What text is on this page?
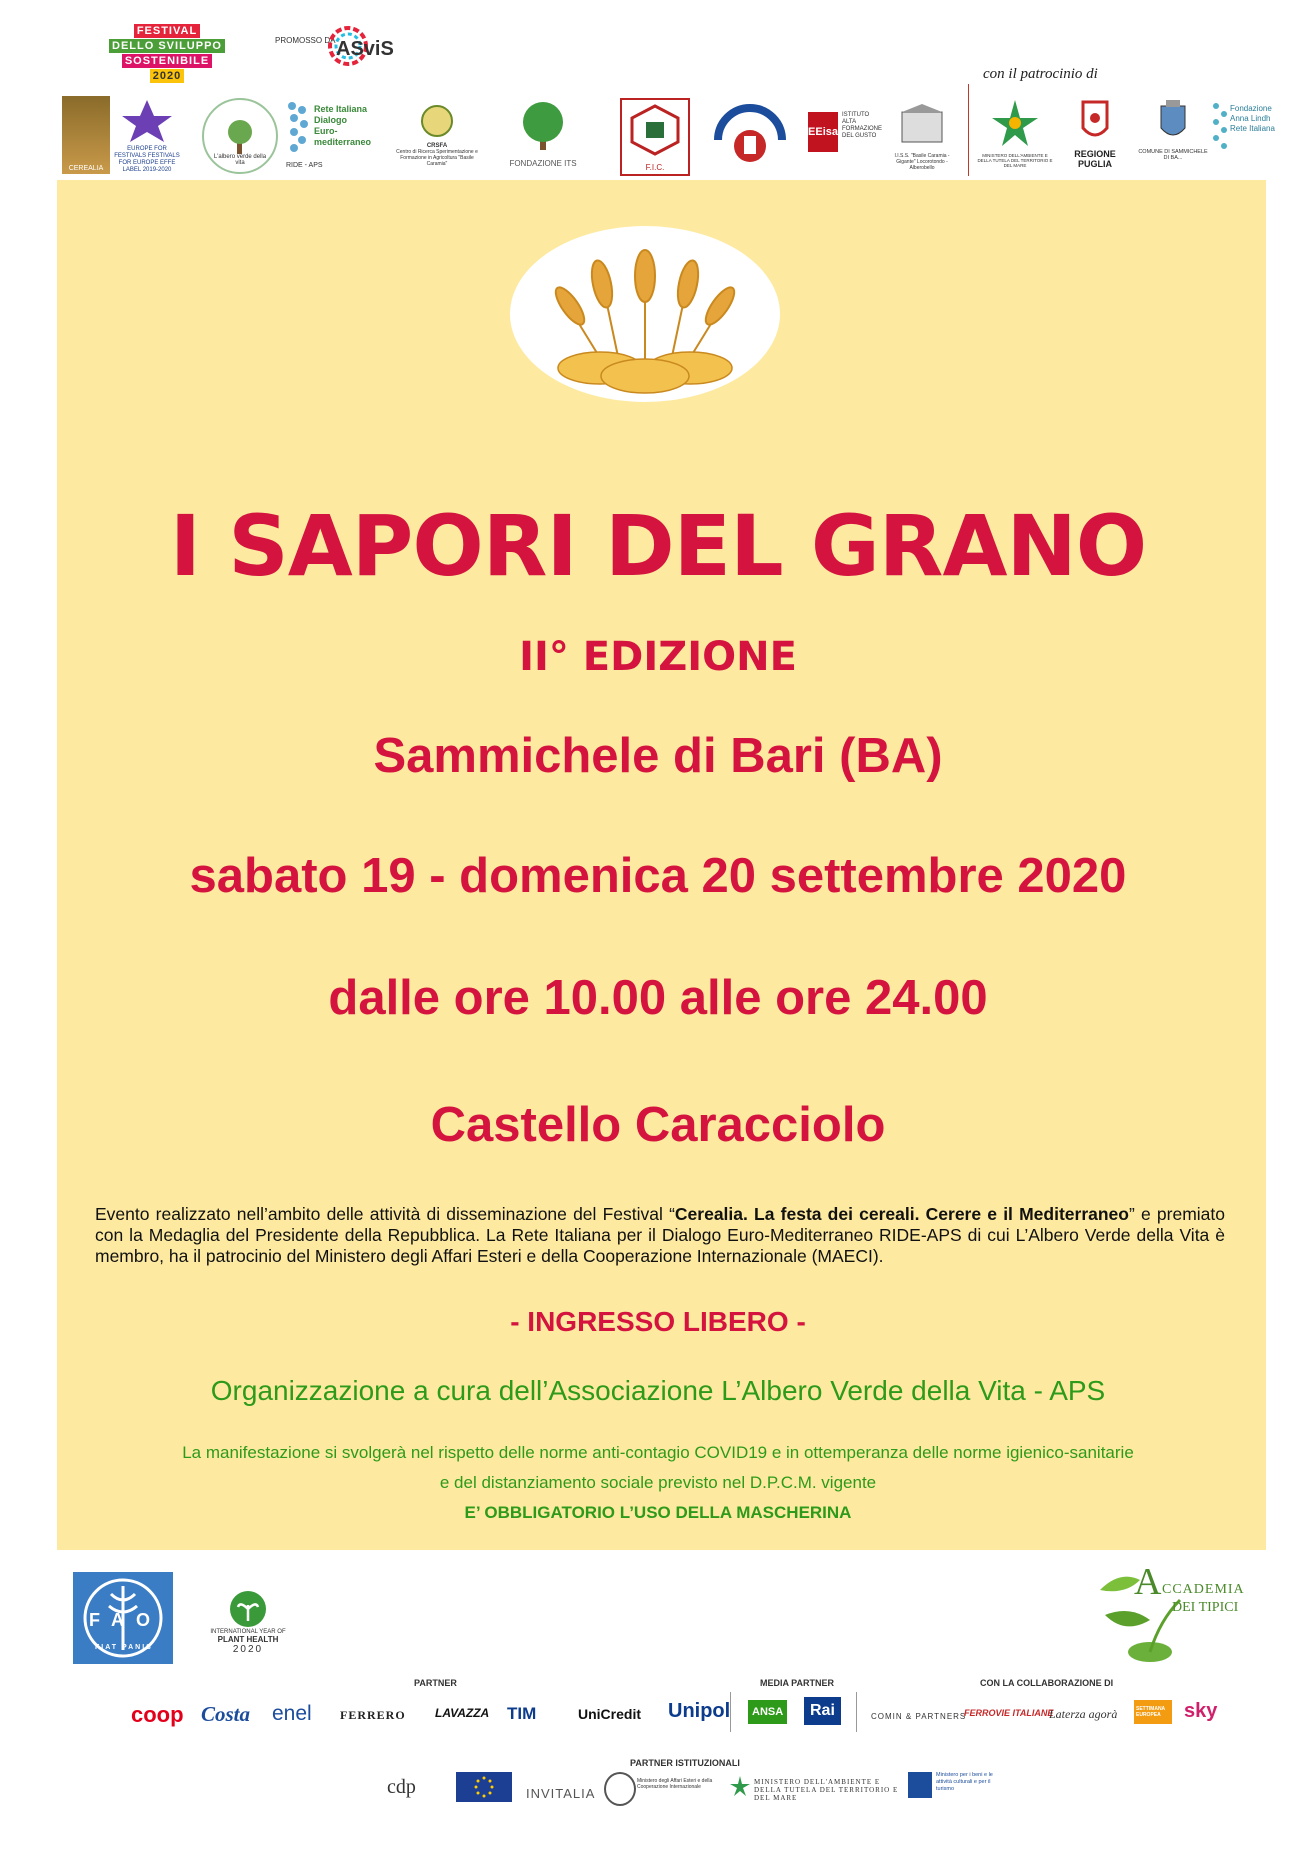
FESTIVAL
DELLO SVILUPPO
SOSTENIBILE
2020
PROMOSSO DA ASviS
con il patrocinio di
CEREALIA
EUROPE FOR FESTIVALS FESTIVALS FOR EUROPE EFFE LABEL 2019-2020
L'albero verde della vita
Rete Italiana Dialogo Euro-mediterraneo
RIDE - APS
CRSFA
Centro di Ricerca Sperimentazione e Formazione in Agricoltura "Basile Caramia"	FONDAZIONE ITS	F.I.C.
EEisa
ISTITUTO ALTA FORMAZIONE DEL GUSTO
I.I.S.S. "Basile Caramia - Gigante" Locorotondo - Alberobello
MINISTERO DELL'AMBIENTE E DELLA TUTELA DEL TERRITORIO E DEL MARE
REGIONE PUGLIA
COMUNE DI SAMMICHELE DI BA...
Fondazione Anna Lindh Rete Italiana
I SAPORI DEL GRANO
II° EDIZIONE
Sammichele di Bari (BA)
sabato 19 - domenica 20 settembre 2020
dalle ore 10.00 alle ore 24.00
Castello Caracciolo
Evento realizzato nell’ambito delle attività di disseminazione del Festival “Cerealia. La festa dei cereali. Cerere e il Mediterraneo” e premiato con la Medaglia del Presidente della Repubblica. La Rete Italiana per il Dialogo Euro-Mediterraneo RIDE-APS di cui L’Albero Verde della Vita è membro, ha il patrocinio del Ministero degli Affari Esteri e della Cooperazione Internazionale (MAECI).
- INGRESSO LIBERO -
Organizzazione a cura dell’Associazione L’Albero Verde della Vita - APS
La manifestazione si svolgerà nel rispetto delle norme anti-contagio COVID19 e in ottemperanza delle norme igienico-sanitarie
e del distanziamento sociale previsto nel D.P.C.M. vigente
E’ OBBLIGATORIO L’USO DELLA MASCHERINA
FAO
FIAT PANIS
INTERNATIONAL YEAR OF
PLANT HEALTH
2020
A CCADEMIA
DEI TIPICI
PARTNER	MEDIA PARTNER	CON LA COLLABORAZIONE DI
coop Costa enel FERRERO LAVAZZA TIM	UniCredit Unipol	ANSA	Rai	COMIN & PARTNERS
FERROVIE ITALIANE
Laterza agorà	SETTIMANA EUROPEA	sky
PARTNER ISTITUZIONALI
cdp	INVITALIA
Ministero degli Affari Esteri e della Cooperazione Internazionale
MINISTERO DELL'AMBIENTE E DELLA TUTELA DEL TERRITORIO E DEL MARE
Ministero per i beni e le attività culturali e per il turismo
